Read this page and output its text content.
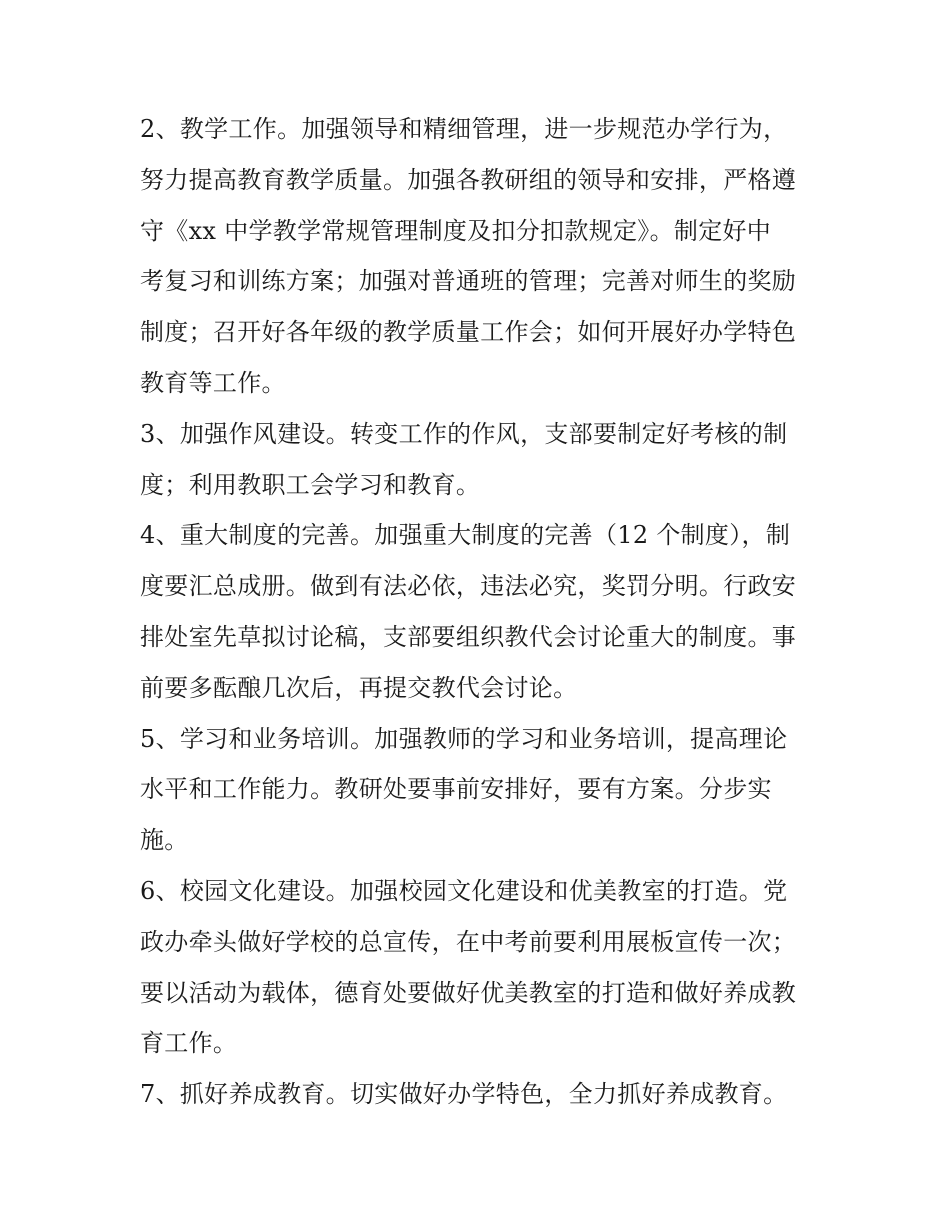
2、教学工作。加强领导和精细管理，进一步规范办学行为，
努力提高教育教学质量。加强各教研组的领导和安排，严格遵
守《xx 中学教学常规管理制度及扣分扣款规定》。制定好中
考复习和训练方案；加强对普通班的管理；完善对师生的奖励
制度；召开好各年级的教学质量工作会；如何开展好办学特色
教育等工作。
3、加强作风建设。转变工作的作风，支部要制定好考核的制
度；利用教职工会学习和教育。
4、重大制度的完善。加强重大制度的完善（12 个制度），制
度要汇总成册。做到有法必依，违法必究，奖罚分明。行政安
排处室先草拟讨论稿，支部要组织教代会讨论重大的制度。事
前要多酝酿几次后，再提交教代会讨论。
5、学习和业务培训。加强教师的学习和业务培训，提高理论
水平和工作能力。教研处要事前安排好，要有方案。分步实
施。
6、校园文化建设。加强校园文化建设和优美教室的打造。党
政办牵头做好学校的总宣传，在中考前要利用展板宣传一次；
要以活动为载体，德育处要做好优美教室的打造和做好养成教
育工作。
7、抓好养成教育。切实做好办学特色，全力抓好养成教育。
